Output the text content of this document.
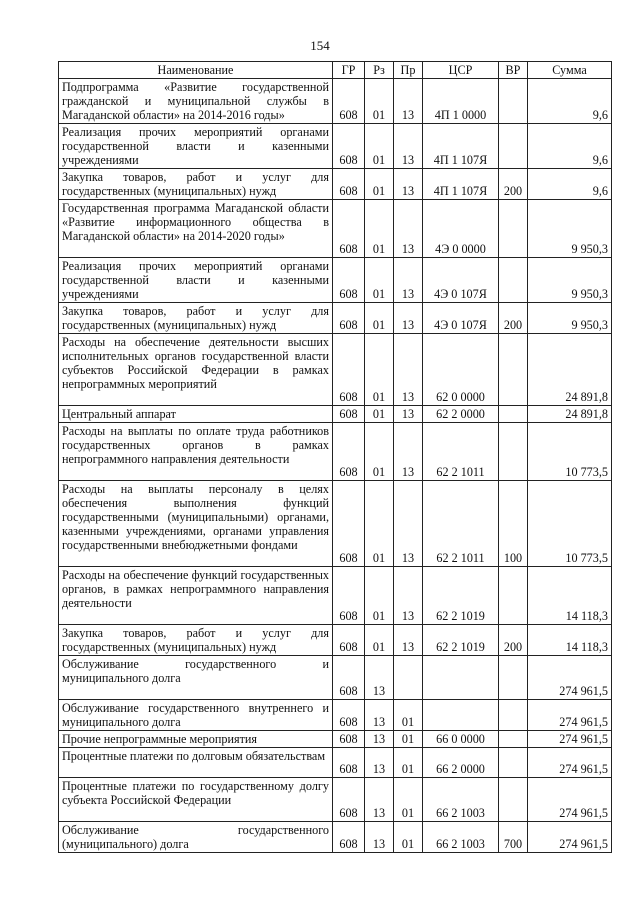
154
Наименование	ГР	Рз	Пр	ЦСР	ВР	Сумма
Подпрограмма «Развитие государственной гражданской и муниципальной службы в Магаданской области» на 2014-2016 годы»	608	01	13	4П 1 0000		9,6
Реализация прочих мероприятий органами государственной власти и казенными учреждениями	608	01	13	4П 1 107Я		9,6
Закупка товаров, работ и услуг для государственных (муниципальных) нужд	608	01	13	4П 1 107Я	200	9,6
Государственная программа Магаданской области «Развитие информационного общества в Магаданской области» на 2014-2020 годы»	608	01	13	4Э 0 0000		9 950,3
Реализация прочих мероприятий органами государственной власти и казенными учреждениями	608	01	13	4Э 0 107Я		9 950,3
Закупка товаров, работ и услуг для государственных (муниципальных) нужд	608	01	13	4Э 0 107Я	200	9 950,3
Расходы на обеспечение деятельности высших исполнительных органов государственной власти субъектов Российской Федерации в рамках непрограммных мероприятий	608	01	13	62 0 0000		24 891,8
Центральный аппарат	608	01	13	62 2 0000		24 891,8
Расходы на выплаты по оплате труда работников государственных органов в рамках непрограммного направления деятельности	608	01	13	62 2 1011		10 773,5
Расходы на выплаты персоналу в целях обеспечения выполнения функций государственными (муниципальными) органами, казенными учреждениями, органами управления государственными внебюджетными фондами	608	01	13	62 2 1011	100	10 773,5
Расходы на обеспечение функций государственных органов, в рамках непрограммного направления деятельности	608	01	13	62 2 1019		14 118,3
Закупка товаров, работ и услуг для государственных (муниципальных) нужд	608	01	13	62 2 1019	200	14 118,3
Обслуживание государственного и муниципального долга	608	13				274 961,5
Обслуживание государственного внутреннего и муниципального долга	608	13	01			274 961,5
Прочие непрограммные мероприятия	608	13	01	66 0 0000		274 961,5
Процентные платежи по долговым обязательствам	608	13	01	66 2 0000		274 961,5
Процентные платежи по государственному долгу субъекта Российской Федерации	608	13	01	66 2 1003		274 961,5
Обслуживание государственного (муниципального) долга	608	13	01	66 2 1003	700	274 961,5
